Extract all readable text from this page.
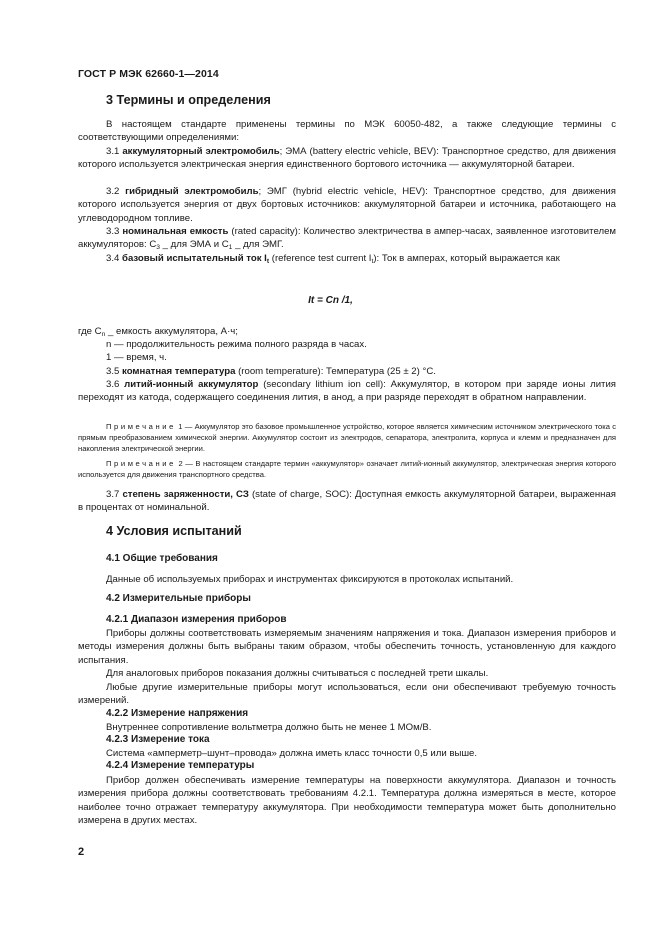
ГОСТ Р МЭК 62660-1—2014
3 Термины и определения
В настоящем стандарте применены термины по МЭК 60050-482, а также следующие термины с соответствующими определениями:
3.1 аккумуляторный электромобиль; ЭМА (battery electric vehicle, BEV): Транспортное средство, для движения которого используется электрическая энергия единственного бортового источника — аккумуляторной батареи.
3.2 гибридный электромобиль; ЭМГ (hybrid electric vehicle, HEV): Транспортное средство, для движения которого используется энергия от двух бортовых источников: аккумуляторной батареи и источника, работающего на углеводородном топливе.
3.3 номинальная емкость (rated capacity): Количество электричества в ампер-часах, заявленное изготовителем аккумуляторов: $C_3$ _ для ЭМА и $C_1$ _ для ЭМГ.
3.4 базовый испытательный ток $I_t$ (reference test current $I_t$): Ток в амперах, который выражается как
It = Cn /1,
где $C_n$ _ емкость аккумулятора, А·ч;
n — продолжительность режима полного разряда в часах.
1 — время, ч.
3.5 комнатная температура (room temperature): Температура (25 ± 2) °С.
3.6 литий-ионный аккумулятор (secondary lithium ion cell): Аккумулятор, в котором при заряде ионы лития переходят из катода, содержащего соединения лития, в анод, а при разряде переходят в обратном направлении.
Примечание 1 — Аккумулятор это базовое промышленное устройство, которое является химическим источником электрического тока с прямым преобразованием химической энергии. Аккумулятор состоит из электродов, сепаратора, электролита, корпуса и клемм и предназначен для накопления электрической энергии.
Примечание 2 — В настоящем стандарте термин «аккумулятор» означает литий-ионный аккумулятор, электрическая энергия которого используется для движения транспортного средства.
3.7 степень заряженности, СЗ (state of charge, SOC): Доступная емкость аккумуляторной батареи, выраженная в процентах от номинальной.
4 Условия испытаний
4.1 Общие требования
Данные об используемых приборах и инструментах фиксируются в протоколах испытаний.
4.2 Измерительные приборы
4.2.1 Диапазон измерения приборов
Приборы должны соответствовать измеряемым значениям напряжения и тока. Диапазон измерения приборов и методы измерения должны быть выбраны таким образом, чтобы обеспечить точность, установленную для каждого испытания.
Для аналоговых приборов показания должны считываться с последней трети шкалы.
Любые другие измерительные приборы могут использоваться, если они обеспечивают требуемую точность измерений.
4.2.2 Измерение напряжения
Внутреннее сопротивление вольтметра должно быть не менее 1 МОм/В.
4.2.3 Измерение тока
Система «амперметр–шунт–провода» должна иметь класс точности 0,5 или выше.
4.2.4 Измерение температуры
Прибор должен обеспечивать измерение температуры на поверхности аккумулятора. Диапазон и точность измерения прибора должны соответствовать требованиям 4.2.1. Температура должна измеряться в месте, которое наиболее точно отражает температуру аккумулятора. При необходимости температура может быть дополнительно измерена в других местах.
2
